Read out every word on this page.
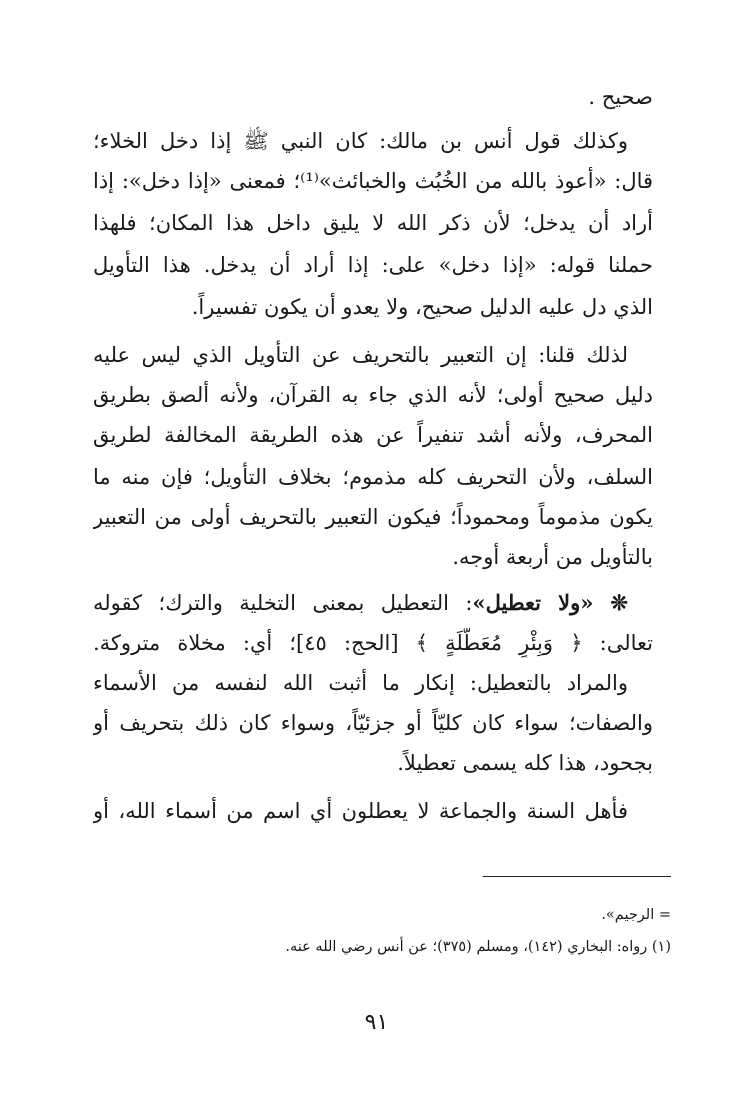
صحيح .
وكذلك قول أنس بن مالك: كان النبي ﷺ إذا دخل الخلاء؛
قال: «أعوذ بالله من الخُبُث والخبائث»⁽¹⁾؛ فمعنى «إذا دخل»: إذا
أراد أن يدخل؛ لأن ذكر الله لا يليق داخل هذا المكان؛ فلهذا
حملنا قوله: «إذا دخل» على: إذا أراد أن يدخل. هذا التأويل
الذي دل عليه الدليل صحيح، ولا يعدو أن يكون تفسيراً.
لذلك قلنا: إن التعبير بالتحريف عن التأويل الذي ليس عليه
دليل صحيح أولى؛ لأنه الذي جاء به القرآن، ولأنه ألصق بطريق
المحرف، ولأنه أشد تنفيراً عن هذه الطريقة المخالفة لطريق
السلف، ولأن التحريف كله مذموم؛ بخلاف التأويل؛ فإن منه ما
يكون مذموماً ومحموداً؛ فيكون التعبير بالتحريف أولى من التعبير
بالتأويل من أربعة أوجه.
❊ «ولا تعطيل»: التعطيل بمعنى التخلية والترك؛ كقوله
تعالى: ﴿ وَبِئْرٍ مُعَطَّلَةٍ ﴾ [الحج: ٤٥]؛ أي: مخلاة متروكة.
والمراد بالتعطيل: إنكار ما أثبت الله لنفسه من الأسماء
والصفات؛ سواء كان كليّاً أو جزئيّاً، وسواء كان ذلك بتحريف أو
بجحود، هذا كله يسمى تعطيلاً.
فأهل السنة والجماعة لا يعطلون أي اسم من أسماء الله، أو
= الرجيم».
(١) رواه: البخاري (١٤٢)، ومسلم (٣٧٥)؛ عن أنس رضي الله عنه.
٩١
